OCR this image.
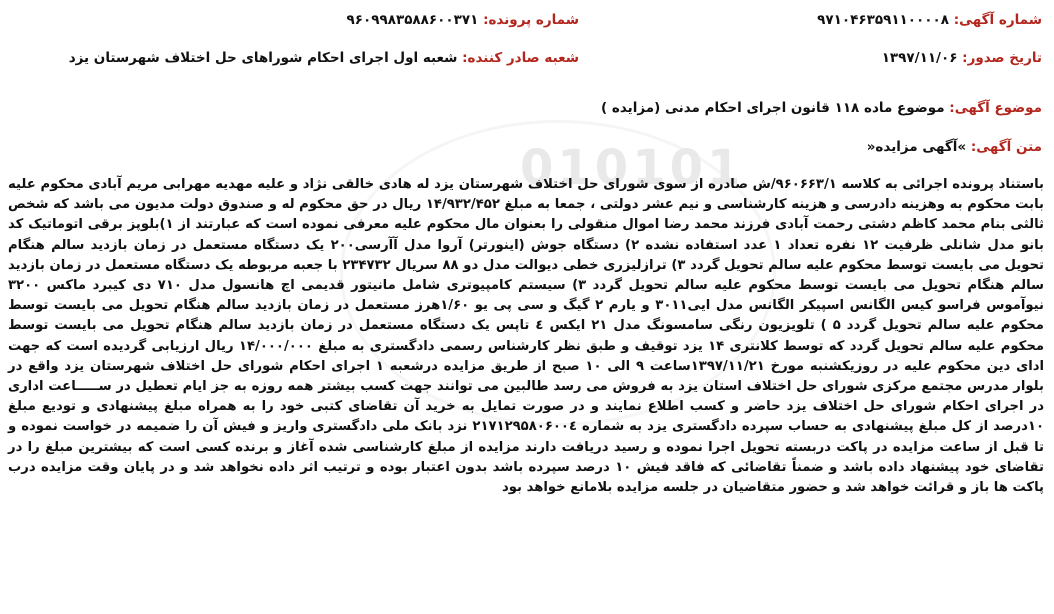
010101
شماره آگهی: ۹۷۱۰۴۶۳۵۹۱۱۰۰۰۰۸
شماره پرونده: ۹۶۰۹۹۸۳۵۸۸۶۰۰۳۷۱
تاریخ صدور: ۱۳۹۷/۱۱/۰۶
شعبه صادر کننده: شعبه اول اجرای احکام شوراهای حل اختلاف شهرستان یزد
موضوع آگهی: موضوع ماده ۱۱۸ قانون اجرای احکام مدنی (مزایده )
متن آگهی: »آگهی مزایده«
باستناد پرونده اجرائی به کلاسه ۹۶۰۶۶۳/۱/ش صادره از سوی شورای حل اختلاف شهرستان یزد له هادی خالقی نژاد و علیه مهدیه مهرابی مریم آبادی محکوم علیه بابت محکوم به وهزینه دادرسی و هزینه کارشناسی و نیم عشر دولتی ، جمعا به مبلغ ۱۴/۹۳۲/۴۵۲ ریال در حق محکوم له و صندوق دولت مدیون می باشد که شخص ثالثی بنام محمد کاظم دشتی رحمت آبادی فرزند محمد رضا اموال منقولی را بعنوان مال محکوم علیه معرفی نموده است که عبارتند از ۱)بلوپز برقی اتوماتیک کد بانو مدل شانلی ظرفیت ۱۲ نفره تعداد ۱ عدد استفاده نشده ۲) دستگاه جوش (اینورتر) آروا مدل آآرسی۲۰۰ یک دستگاه مستعمل در زمان بازدید سالم هنگام تحویل می بایست توسط محکوم علیه سالم تحویل گردد ۳) ترازلیزری خطی دیوالت مدل دو ۸۸ سریال ۲۳۴۷۳۲ با جعبه مربوطه یک دستگاه مستعمل در زمان بازدید سالم هنگام تحویل می بایست توسط محکوم علیه سالم تحویل گردد ۳) سیستم کامپیوتری شامل مانیتور قدیمی اچ هانسول مدل ۷۱۰ دی کیبرد ماکس ۳۲۰۰ نیوآموس فراسو کیس الگانس اسپیکر الگانس مدل ایی۳۰۱۱ و یارم ۲ گیگ و سی پی یو ۱/۶۰هرز مستعمل در زمان بازدید سالم هنگام تحویل می بایست توسط محکوم علیه سالم تحویل گردد ۵ ) تلویزیون رنگی سامسونگ مدل ۲۱ ایکس ٤ تاپس یک دستگاه مستعمل در زمان بازدید سالم هنگام تحویل می بایست توسط محکوم علیه سالم تحویل گردد که توسط کلانتری ۱۴ یزد توقیف و طبق نظر کارشناس رسمی دادگستری به مبلغ ۱۴/۰۰۰/۰۰۰ ریال ارزیابی گردیده است که جهت ادای دین محکوم علیه در روزیکشنبه مورخ ۱۳۹۷/۱۱/۲۱ساعت ۹ الی ۱۰ صبح از طریق مزایده درشعبه ۱ اجرای احکام شورای حل اختلاف شهرستان یزد واقع در بلوار مدرس مجتمع مرکزی شورای حل اختلاف استان یزد به فروش می رسد طالبین می توانند جهت کسب بیشتر همه روزه به جز ایام تعطیل در ســـــاعت اداری در اجرای احکام شورای حل اختلاف یزد حاضر و کسب اطلاع نمایند و در صورت تمایل به خرید آن تقاضای کتبی خود را به همراه مبلغ پیشنهادی و تودیع مبلغ ۱۰درصد از کل مبلغ پیشنهادی به حساب سپرده دادگستری یزد به شماره ۲۱۷۱۲۹۵۸۰۶۰۰٤ نزد بانک ملی دادگستری واریز و فیش آن را ضمیمه در خواست نموده و تا قبل از ساعت مزایده در پاکت دربسته تحویل اجرا نموده و رسید دریافت دارند مزایده از مبلغ کارشناسی شده آغاز و برنده کسی است که بیشترین مبلغ را در تقاضای خود پیشنهاد داده باشد و ضمناً تقاضائی که فاقد فیش ۱۰ درصد سپرده باشد بدون اعتبار بوده و ترتیب اثر داده نخواهد شد و در پایان وقت مزایده درب پاکت ها باز و قرائت خواهد شد و حضور متقاضیان در جلسه مزایده بلامانع خواهد بود
